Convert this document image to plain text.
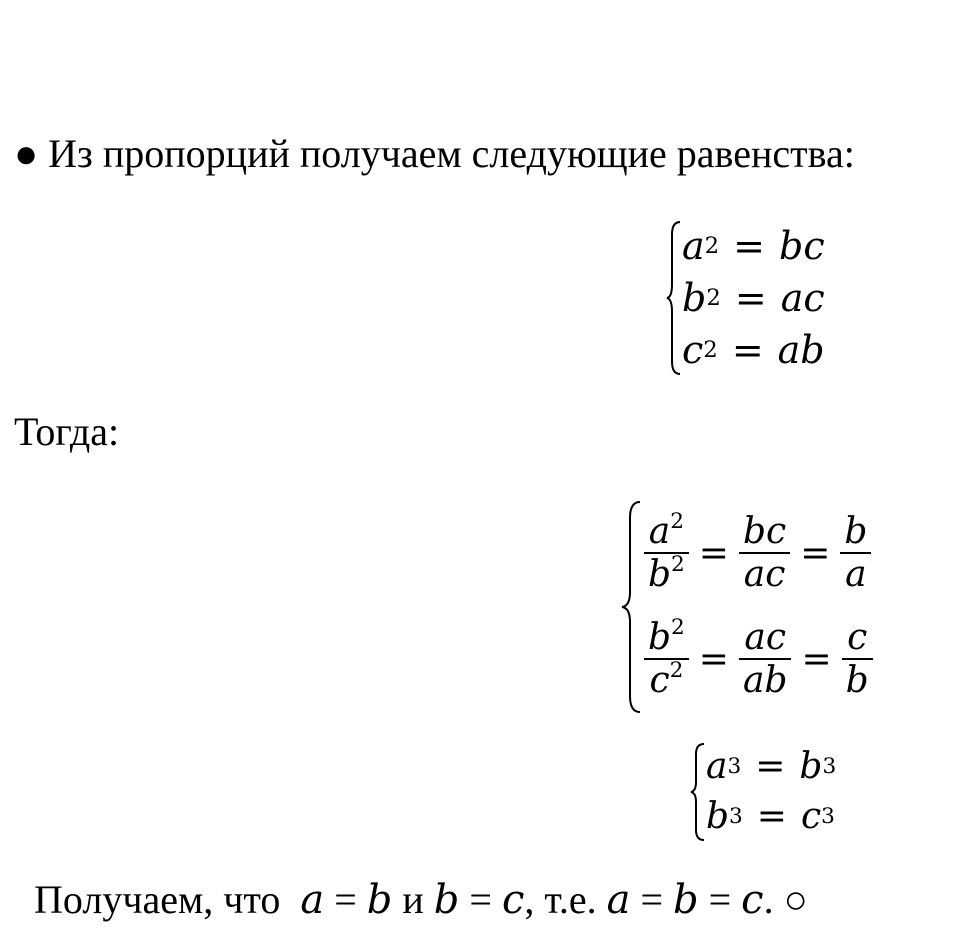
● Из пропорций получаем следующие равенства:
a 2 = bc
b 2 = ac
c 2 = ab
Тогда:
$\frac{a^2}{b^2} = \frac{bc}{ac} = \frac{b}{a}$
$\frac{b^2}{c^2} = \frac{ac}{ab} = \frac{c}{b}$
a 3 = b 3
b 3 = c 3
Получаем, что a = b и b = c, т.е. a = b = c. ○
